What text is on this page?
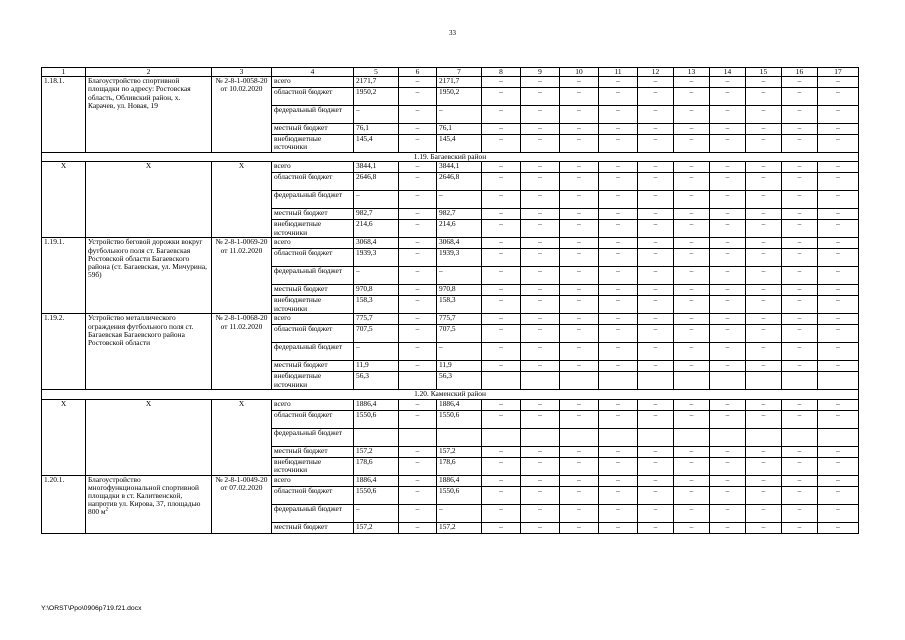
33
1	2	3	4	5	6	7	8	9	10	11	12	13	14	15	16	17
1.18.1.	Благоустройство спортивной площадки по адресу: Ростовская область, Обливский район, х. Карачев, ул. Новая, 19	№ 2-8-1-0058-20 от 10.02.2020	всего	2171,7	–	2171,7	–	–	–	–	–	–	–	–	–	–
			областной бюджет	1950,2	–	1950,2	–	–	–	–	–	–	–	–	–	–
			федеральный бюджет	–	–	–	–	–	–	–	–	–	–	–	–	–
			местный бюджет	76,1	–	76,1	–	–	–	–	–	–	–	–	–	–
			внебюджетные источники	145,4	–	145,4	–	–	–	–	–	–	–	–	–	–
1.19. Багаевский район																
X	X	X	всего	3844,1	–	3844,1	–	–	–	–	–	–	–	–	–	–
			областной бюджет	2646,8	–	2646,8	–	–	–	–	–	–	–	–	–	–
			федеральный бюджет	–	–	–	–	–	–	–	–	–	–	–	–	–
			местный бюджет	982,7	–	982,7	–	–	–	–	–	–	–	–	–	–
			внебюджетные источники	214,6	–	214,6	–	–	–	–	–	–	–	–	–	–
1.19.1.	Устройство беговой дорожки вокруг футбольного поля ст. Багаевская Ростовской области Багаевского района (ст. Багаевская, ул. Мичурина, 59б)	№ 2-8-1-0069-20 от 11.02.2020	всего	3068,4	–	3068,4	–	–	–	–	–	–	–	–	–	–
			областной бюджет	1939,3	–	1939,3	–	–	–	–	–	–	–	–	–	–
			федеральный бюджет	–	–	–	–	–	–	–	–	–	–	–	–	–
			местный бюджет	970,8	–	970,8	–	–	–	–	–	–	–	–	–	–
			внебюджетные источники	158,3	–	158,3	–	–	–	–	–	–	–	–	–	–
1.19.2.	Устройство металлического ограждения футбольного поля ст. Багаевская Багаевского района Ростовской области	№ 2-8-1-0068-20 от 11.02.2020	всего	775,7	–	775,7	–	–	–	–	–	–	–	–	–	–
			областной бюджет	707,5	–	707,5	–	–	–	–	–	–	–	–	–	–
			федеральный бюджет	–	–	–	–	–	–	–	–	–	–	–	–	–
			местный бюджет	11,9	–	11,9	–	–	–	–	–	–	–	–	–	–
			внебюджетные источники	56,3		56,3										
1.20. Каменский район																
X	X	X	всего	1886,4	–	1886,4	–	–	–	–	–	–	–	–	–	–
			областной бюджет	1550,6	–	1550,6	–	–	–	–	–	–	–	–	–	–
			федеральный бюджет													
			местный бюджет	157,2	–	157,2	–	–	–	–	–	–	–	–	–	–
			внебюджетные источники	178,6	–	178,6	–	–	–	–	–	–	–	–	–	–
1.20.1.	Благоустройство многофункциональной спортивной площадки в ст. Калитвенской, напротив ул. Кирова, 37, площадью 800 $м^2$	№ 2-8-1-0049-20 от 07.02.2020	всего	1886,4	–	1886,4	–	–	–	–	–	–	–	–	–	–
			областной бюджет	1550,6	–	1550,6	–	–	–	–	–	–	–	–	–	–
			федеральный бюджет	–	–	–	–	–	–	–	–	–	–	–	–	–
			местный бюджет	157,2	–	157,2	–	–	–	–	–	–	–	–	–	–
Y:\ORST\Ppo\0906p719.f21.docx
